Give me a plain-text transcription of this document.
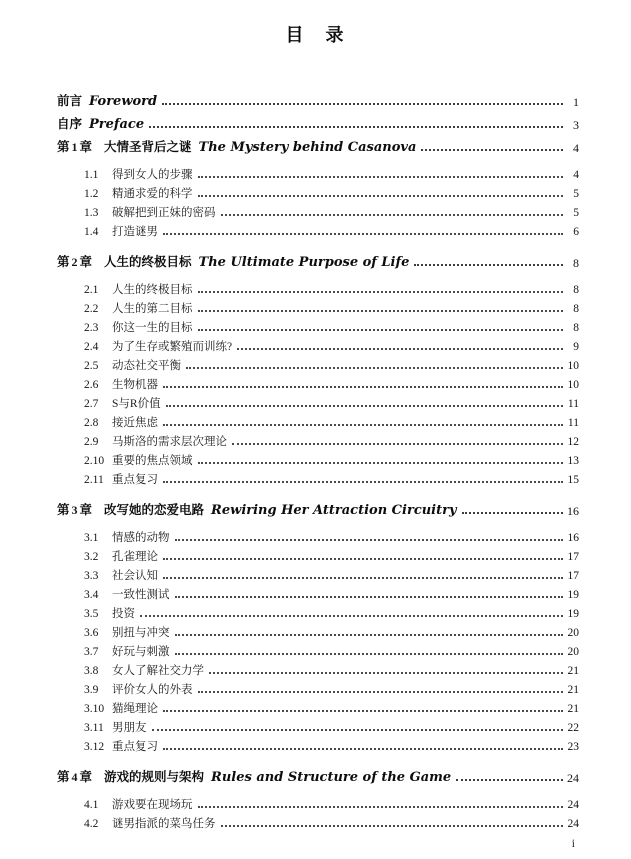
目　录
前言 Foreword	1
自序 Preface	3
第 1 章 大情圣背后之谜 The Mystery behind Casanova	4
1.1	得到女人的步骤	4
1.2	精通求爱的科学	5
1.3	破解把到正妹的密码	5
1.4	打造谜男	6
第 2 章 人生的终极目标 The Ultimate Purpose of Life	8
2.1	人生的终极目标	8
2.2	人生的第二目标	8
2.3	你这一生的目标	8
2.4	为了生存或繁殖而训练?	9
2.5	动态社交平衡	10
2.6	生物机器	10
2.7	S与R价值	11
2.8	接近焦虑	11
2.9	马斯洛的需求层次理论	12
2.10 重要的焦点领域	13
2.11 重点复习	15
第 3 章 改写她的恋爱电路 Rewiring Her Attraction Circuitry	16
3.1	情感的动物	16
3.2	孔雀理论	17
3.3	社会认知	17
3.4	一致性测试	19
3.5	投资	19
3.6	别扭与冲突	20
3.7	好玩与刺激	20
3.8	女人了解社交力学	21
3.9	评价女人的外表	21
3.10 猫绳理论	21
3.11 男朋友	22
3.12 重点复习	23
第 4 章 游戏的规则与架构 Rules and Structure of the Game	24
4.1	游戏要在现场玩	24
4.2	谜男指派的菜鸟任务	24
i
